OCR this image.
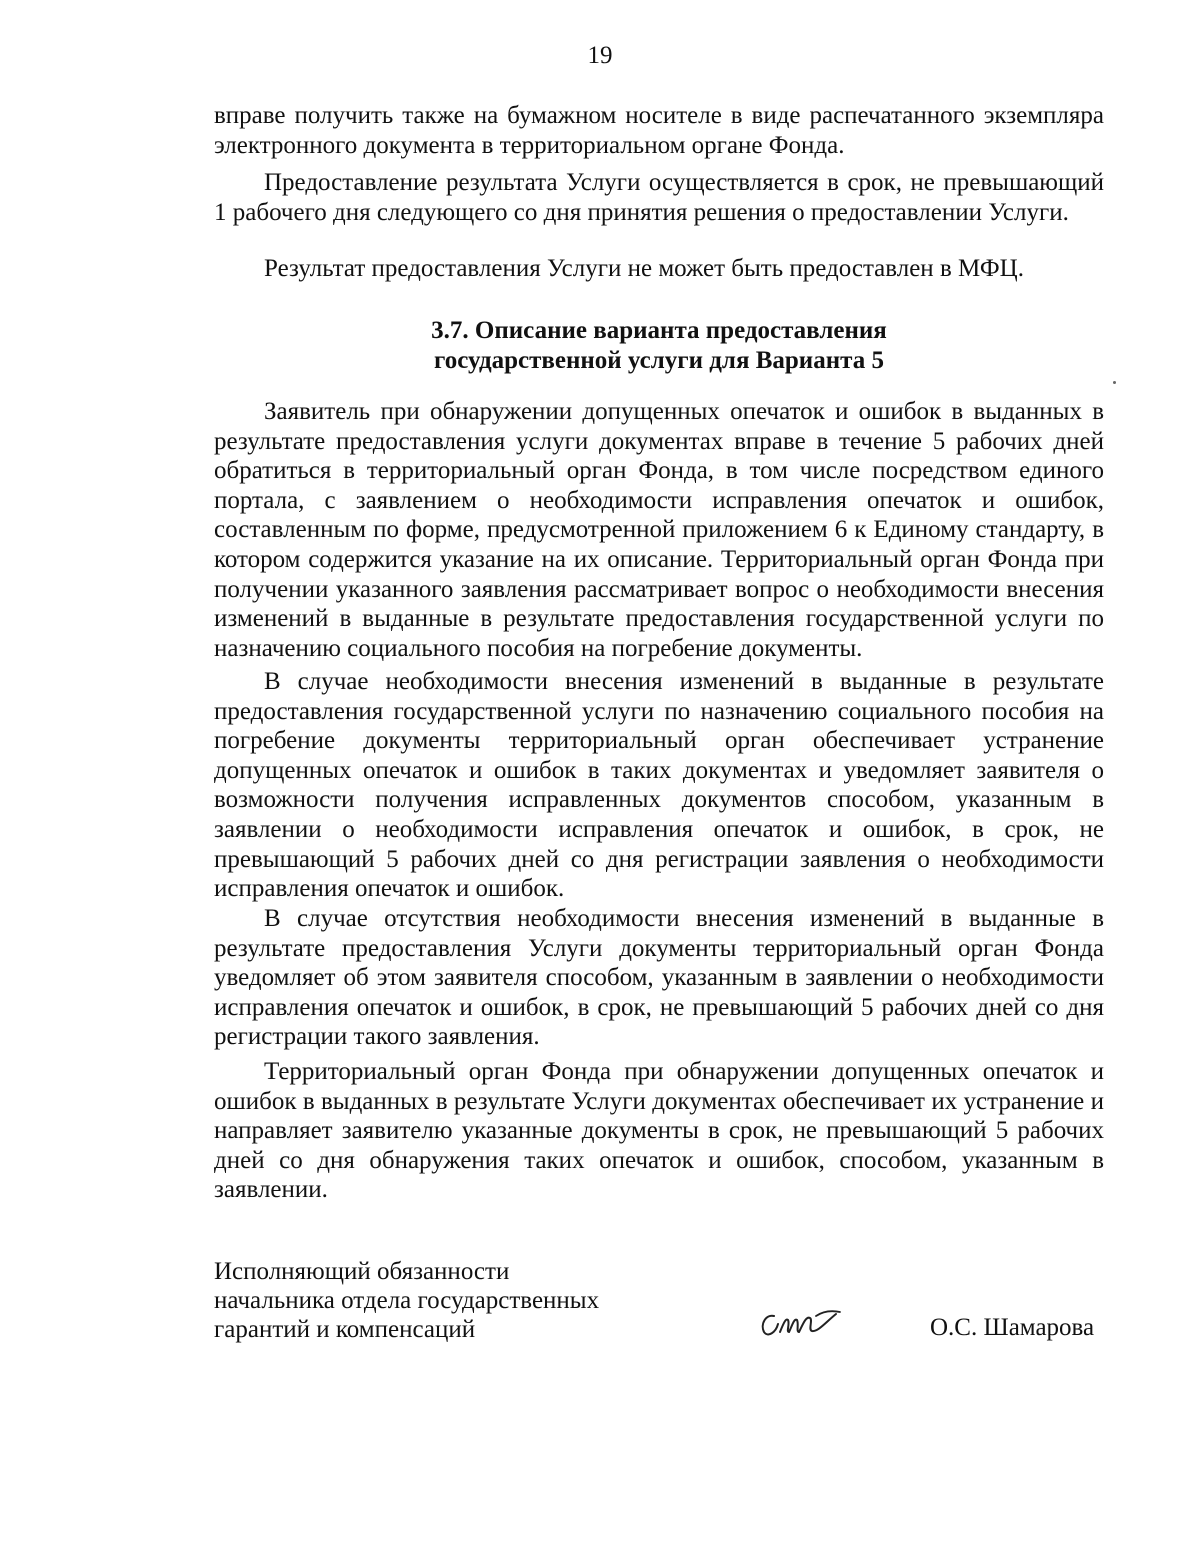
19

вправе получить также на бумажном носителе в виде распечатанного экземпляра электронного документа в территориальном органе Фонда.

Предоставление результата Услуги осуществляется в срок, не превышающий 1 рабочего дня следующего со дня принятия решения о предоставлении Услуги.

Результат предоставления Услуги не может быть предоставлен в МФЦ.

3.7. Описание варианта предоставления
государственной услуги для Варианта 5

Заявитель при обнаружении допущенных опечаток и ошибок в выданных в результате предоставления услуги документах вправе в течение 5 рабочих дней обратиться в территориальный орган Фонда, в том числе посредством единого портала, с заявлением о необходимости исправления опечаток и ошибок, составленным по форме, предусмотренной приложением 6 к Единому стандарту, в котором содержится указание на их описание. Территориальный орган Фонда при получении указанного заявления рассматривает вопрос о необходимости внесения изменений в выданные в результате предоставления государственной услуги по назначению социального пособия на погребение документы.

В случае необходимости внесения изменений в выданные в результате предоставления государственной услуги по назначению социального пособия на погребение документы территориальный орган обеспечивает устранение допущенных опечаток и ошибок в таких документах и уведомляет заявителя о возможности получения исправленных документов способом, указанным в заявлении о необходимости исправления опечаток и ошибок, в срок, не превышающий 5 рабочих дней со дня регистрации заявления о необходимости исправления опечаток и ошибок.

В случае отсутствия необходимости внесения изменений в выданные в результате предоставления Услуги документы территориальный орган Фонда уведомляет об этом заявителя способом, указанным в заявлении о необходимости исправления опечаток и ошибок, в срок, не превышающий 5 рабочих дней со дня регистрации такого заявления.

Территориальный орган Фонда при обнаружении допущенных опечаток и ошибок в выданных в результате Услуги документах обеспечивает их устранение и направляет заявителю указанные документы в срок, не превышающий 5 рабочих дней со дня обнаружения таких опечаток и ошибок, способом, указанным в заявлении.

Исполняющий обязанности
начальника отдела государственных
гарантий и компенсаций	О.С. Шамарова
